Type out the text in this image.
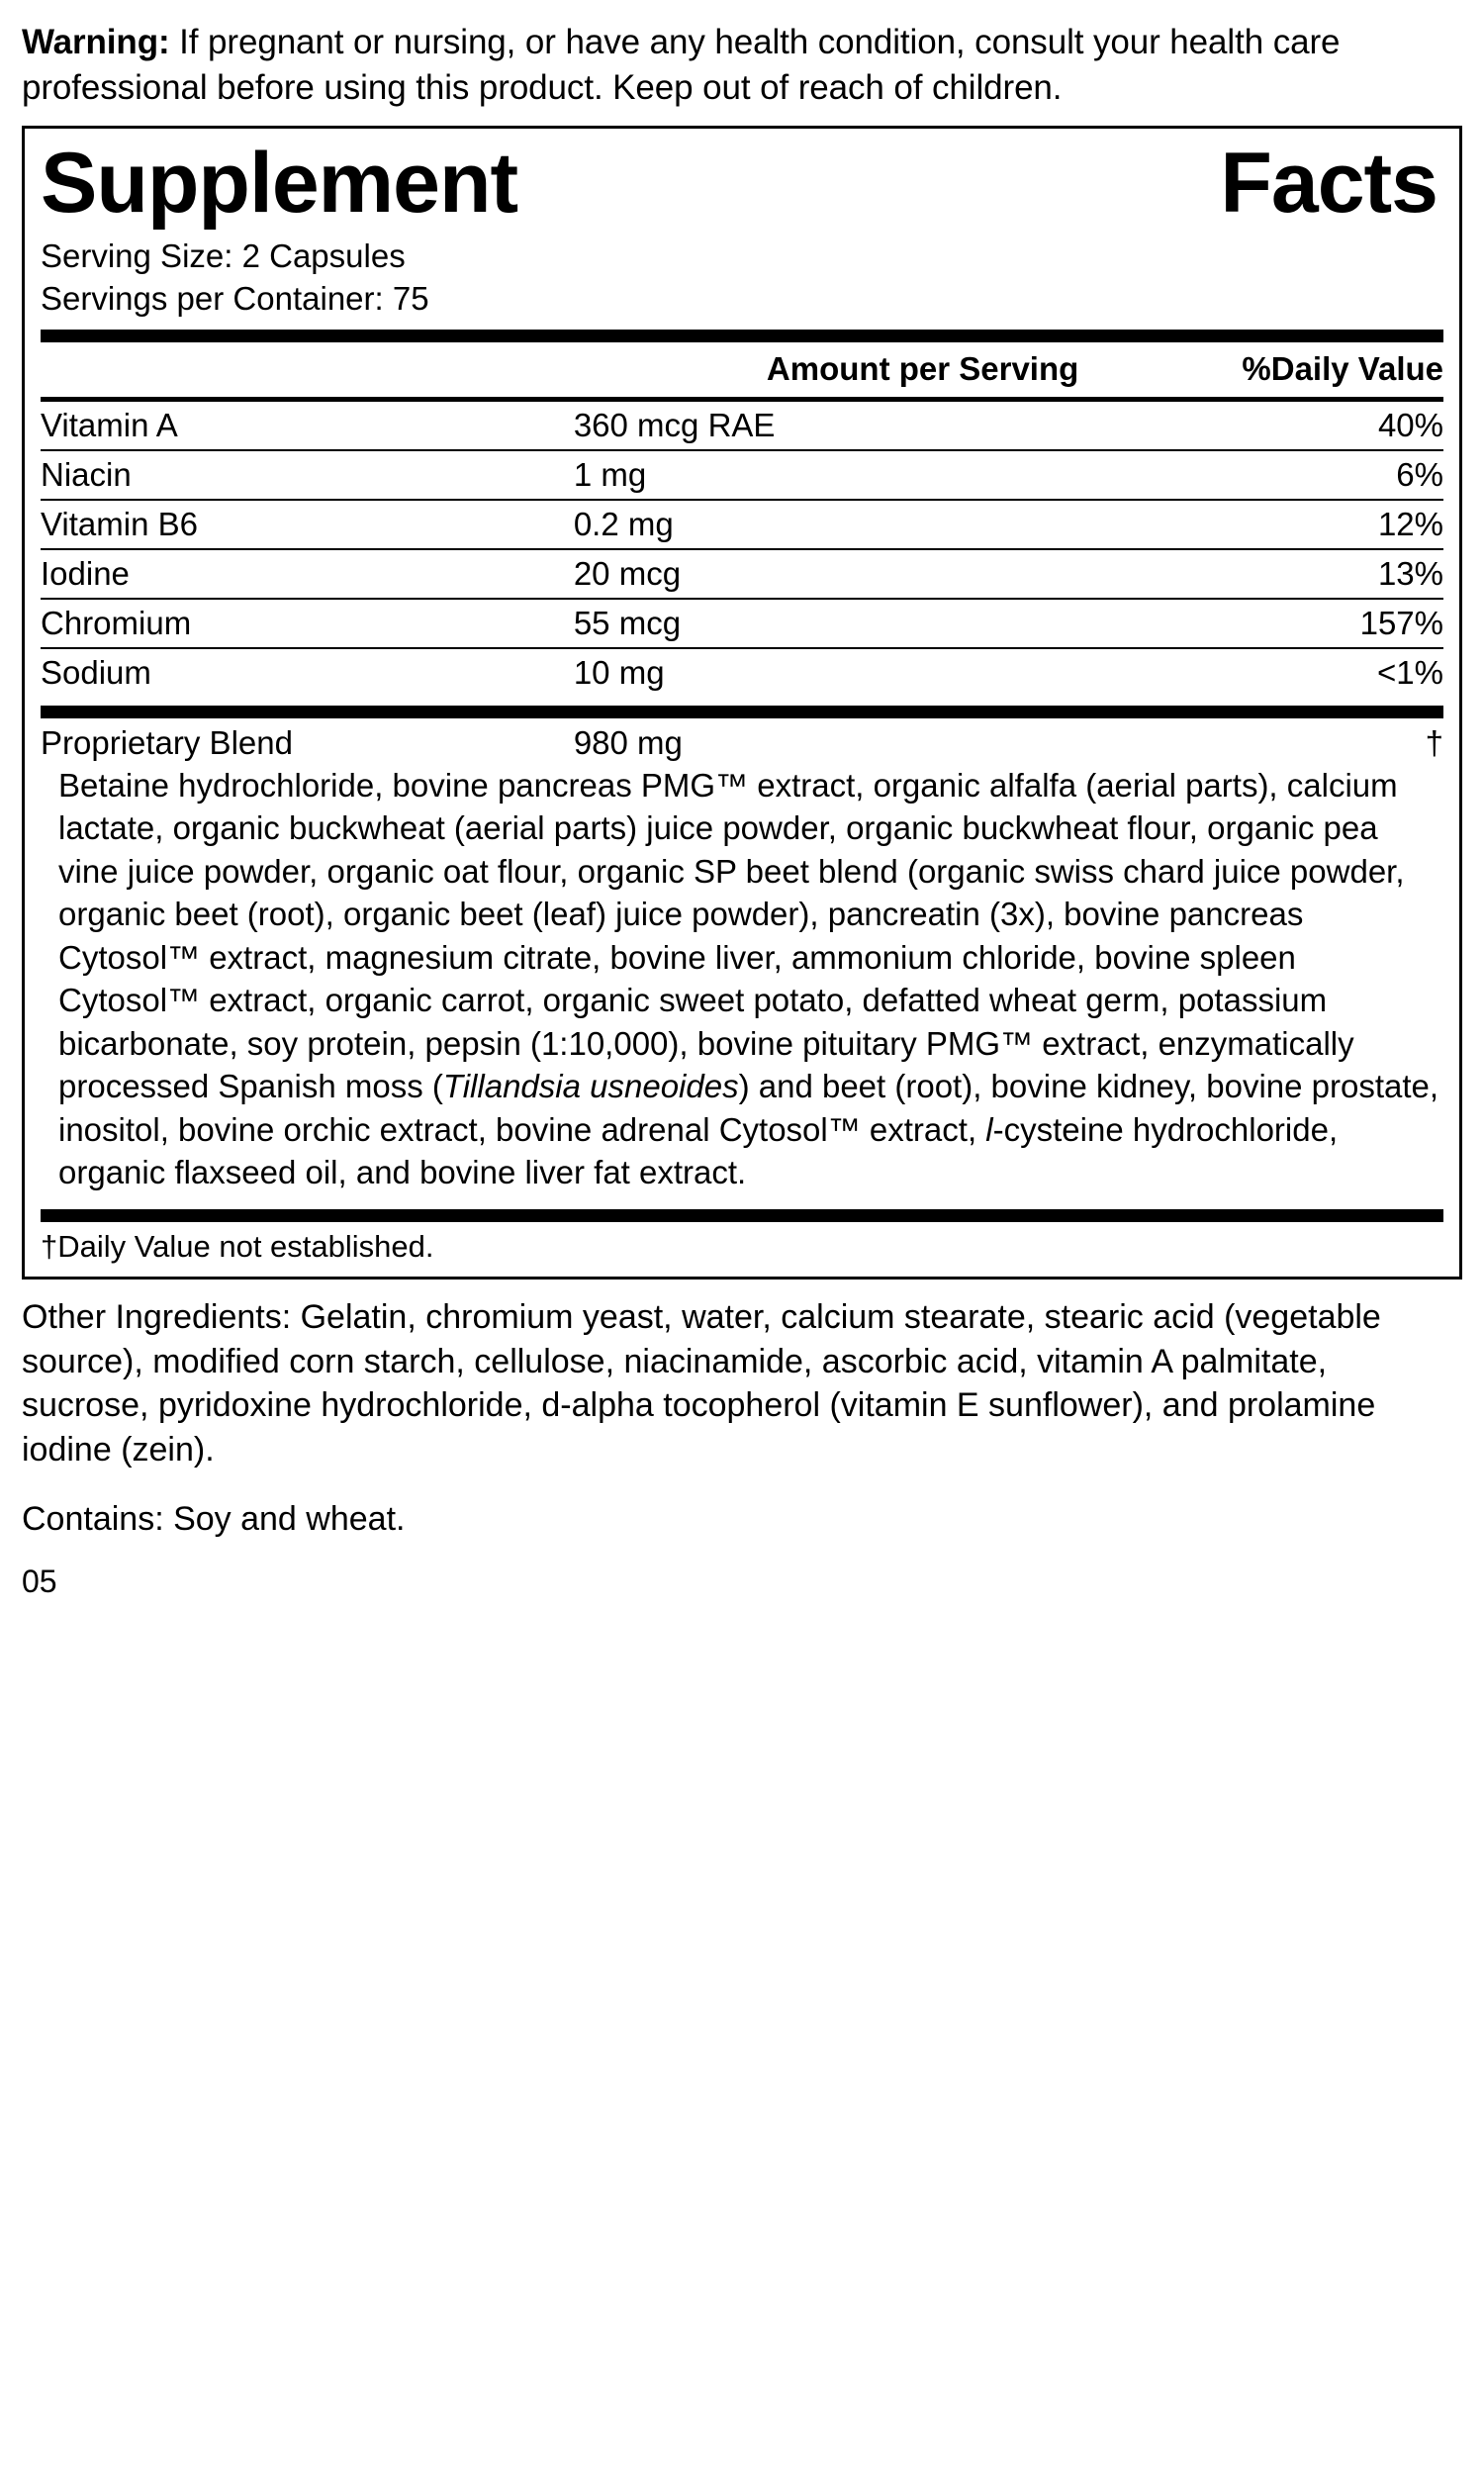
Warning: If pregnant or nursing, or have any health condition, consult your health care professional before using this product. Keep out of reach of children.

Supplement	Facts
Serving Size: 2 Capsules
Servings per Container: 75
	Amount per Serving	%Daily Value
Vitamin A	360 mcg RAE	40%
Niacin	1 mg	6%
Vitamin B6	0.2 mg	12%
Iodine	20 mcg	13%
Chromium	55 mcg	157%
Sodium	10 mg	<1%
Proprietary Blend	980 mg	†
Betaine hydrochloride, bovine pancreas PMG™ extract, organic alfalfa (aerial parts), calcium lactate, organic buckwheat (aerial parts) juice powder, organic buckwheat flour, organic pea vine juice powder, organic oat flour, organic SP beet blend (organic swiss chard juice powder, organic beet (root), organic beet (leaf) juice powder), pancreatin (3x), bovine pancreas Cytosol™ extract, magnesium citrate, bovine liver, ammonium chloride, bovine spleen Cytosol™ extract, organic carrot, organic sweet potato, defatted wheat germ, potassium bicarbonate, soy protein, pepsin (1:10,000), bovine pituitary PMG™ extract, enzymatically processed Spanish moss (Tillandsia usneoides) and beet (root), bovine kidney, bovine prostate, inositol, bovine orchic extract, bovine adrenal Cytosol™ extract, l-cysteine hydrochloride, organic flaxseed oil, and bovine liver fat extract.
†Daily Value not established.

Other Ingredients: Gelatin, chromium yeast, water, calcium stearate, stearic acid (vegetable source), modified corn starch, cellulose, niacinamide, ascorbic acid, vitamin A palmitate, sucrose, pyridoxine hydrochloride, d-alpha tocopherol (vitamin E sunflower), and prolamine iodine (zein).

Contains: Soy and wheat.

05
